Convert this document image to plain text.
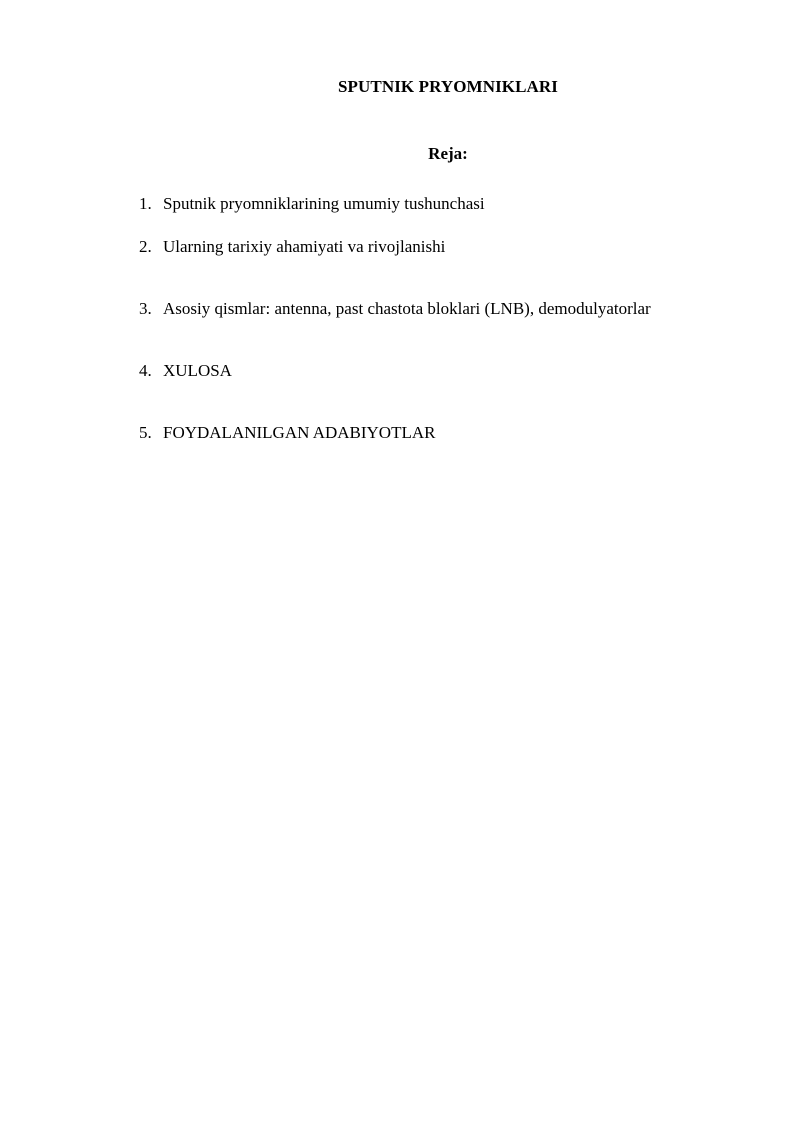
SPUTNIK PRYOMNIKLARI
Reja:
1. Sputnik pryomniklarining umumiy tushunchasi
2. Ularning tarixiy ahamiyati va rivojlanishi
3. Asosiy qismlar: antenna, past chastota bloklari (LNB), demodulyatorlar
4. XULOSA
5. FOYDALANILGAN ADABIYOTLAR
